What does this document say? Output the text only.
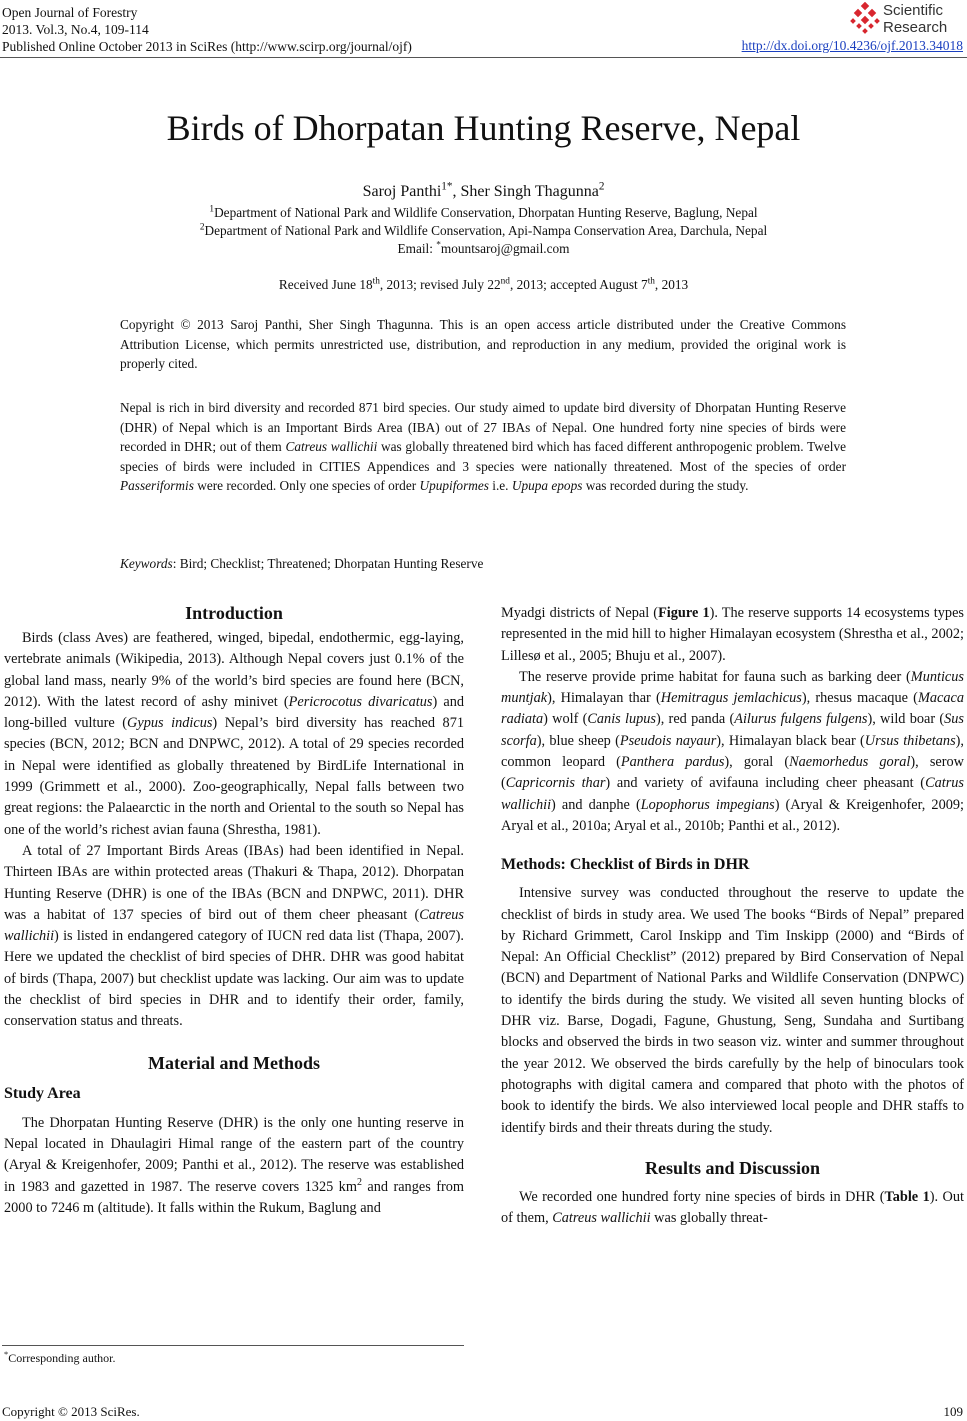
Open Journal of Forestry
2013. Vol.3, No.4, 109-114
Published Online October 2013 in SciRes (http://www.scirp.org/journal/ojf)
Scientific
Research
http://dx.doi.org/10.4236/ojf.2013.34018
Birds of Dhorpatan Hunting Reserve, Nepal
Saroj Panthi$^{1*}$, Sher Singh Thagunna$^2$
$^1$Department of National Park and Wildlife Conservation, Dhorpatan Hunting Reserve, Baglung, Nepal
$^2$Department of National Park and Wildlife Conservation, Api-Nampa Conservation Area, Darchula, Nepal
Email: *mountsaroj@gmail.com
Received June 18th, 2013; revised July 22nd, 2013; accepted August 7th, 2013
Copyright © 2013 Saroj Panthi, Sher Singh Thagunna. This is an open access article distributed under the Creative Commons Attribution License, which permits unrestricted use, distribution, and reproduction in any medium, provided the original work is properly cited.
Nepal is rich in bird diversity and recorded 871 bird species. Our study aimed to update bird diversity of Dhorpatan Hunting Reserve (DHR) of Nepal which is an Important Birds Area (IBA) out of 27 IBAs of Nepal. One hundred forty nine species of birds were recorded in DHR; out of them Catreus wallichii was globally threatened bird which has faced different anthropogenic problem. Twelve species of birds were included in CITIES Appendices and 3 species were nationally threatened. Most of the species of order Passeriformis were recorded. Only one species of order Upupiformes i.e. Upupa epops was recorded during the study.
Keywords: Bird; Checklist; Threatened; Dhorpatan Hunting Reserve
Introduction

Birds (class Aves) are feathered, winged, bipedal, endothermic, egg-laying, vertebrate animals (Wikipedia, 2013). Although Nepal covers just 0.1% of the global land mass, nearly 9% of the world’s bird species are found here (BCN, 2012). With the latest record of ashy minivet (Pericrocotus divaricatus) and long-billed vulture (Gypus indicus) Nepal’s bird diversity has reached 871 species (BCN, 2012; BCN and DNPWC, 2012). A total of 29 species recorded in Nepal were identified as globally threatened by BirdLife International in 1999 (Grimmett et al., 2000). Zoo-geographically, Nepal falls between two great regions: the Palaearctic in the north and Oriental to the south so Nepal has one of the world’s richest avian fauna (Shrestha, 1981).

A total of 27 Important Birds Areas (IBAs) had been identified in Nepal. Thirteen IBAs are within protected areas (Thakuri & Thapa, 2012). Dhorpatan Hunting Reserve (DHR) is one of the IBAs (BCN and DNPWC, 2011). DHR was a habitat of 137 species of bird out of them cheer pheasant (Catreus wallichii) is listed in endangered category of IUCN red data list (Thapa, 2007). Here we updated the checklist of bird species of DHR. DHR was good habitat of birds (Thapa, 2007) but checklist update was lacking. Our aim was to update the checklist of bird species in DHR and to identify their order, family, conservation status and threats.

Material and Methods
Study Area

The Dhorpatan Hunting Reserve (DHR) is the only one hunting reserve in Nepal located in Dhaulagiri Himal range of the eastern part of the country (Aryal & Kreigenhofer, 2009; Panthi et al., 2012). The reserve was established in 1983 and gazetted in 1987. The reserve covers 1325 $km^2$ and ranges from 2000 to 7246 m (altitude). It falls within the Rukum, Baglung and

Myadgi districts of Nepal (Figure 1). The reserve supports 14 ecosystems types represented in the mid hill to higher Himalayan ecosystem (Shrestha et al., 2002; Lillesø et al., 2005; Bhuju et al., 2007).

The reserve provide prime habitat for fauna such as barking deer (Munticus muntjak), Himalayan thar (Hemitragus jemlachicus), rhesus macaque (Macaca radiata) wolf (Canis lupus), red panda (Ailurus fulgens fulgens), wild boar (Sus scorfa), blue sheep (Pseudois nayaur), Himalayan black bear (Ursus thibetans), common leopard (Panthera pardus), goral (Naemorhedus goral), serow (Capricornis thar) and variety of avifauna including cheer pheasant (Catrus wallichii) and danphe (Lopophorus impegians) (Aryal & Kreigenhofer, 2009; Aryal et al., 2010a; Aryal et al., 2010b; Panthi et al., 2012).

Methods: Checklist of Birds in DHR

Intensive survey was conducted throughout the reserve to update the checklist of birds in study area. We used The books “Birds of Nepal” prepared by Richard Grimmett, Carol Inskipp and Tim Inskipp (2000) and “Birds of Nepal: An Official Checklist” (2012) prepared by Bird Conservation of Nepal (BCN) and Department of National Parks and Wildlife Conservation (DNPWC) to identify the birds during the study. We visited all seven hunting blocks of DHR viz. Barse, Dogadi, Fagune, Ghustung, Seng, Sundaha and Surtibang blocks and observed the birds in two season viz. winter and summer throughout the year 2012. We observed the birds carefully by the help of binoculars took photographs with digital camera and compared that photo with the photos of book to identify the birds. We also interviewed local people and DHR staffs to identify birds and their threats during the study.

Results and Discussion

We recorded one hundred forty nine species of birds in DHR (Table 1). Out of them, Catreus wallichii was globally threat-

*Corresponding author.
Copyright © 2013 SciRes.	109
